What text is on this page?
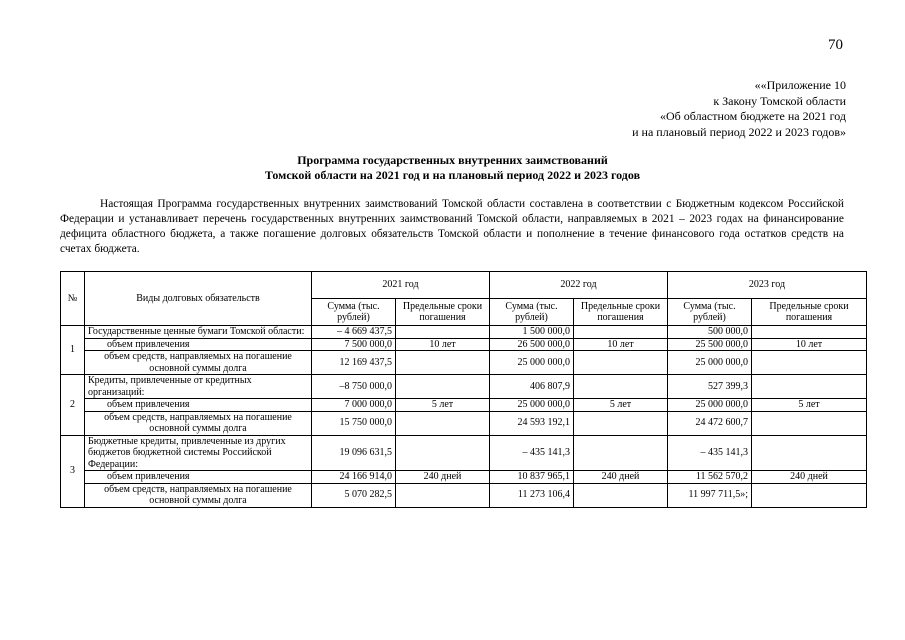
70
««Приложение 10
к Закону Томской области
«Об областном бюджете на 2021 год
и на плановый период 2022 и 2023 годов»
Программа государственных внутренних заимствований
Томской области на 2021 год и на плановый период 2022 и 2023 годов
Настоящая Программа государственных внутренних заимствований Томской области составлена в соответствии с Бюджетным кодексом Российской Федерации и устанавливает перечень государственных внутренних заимствований Томской области, направляемых в 2021 – 2023 годах на финансирование дефицита областного бюджета, а также погашение долговых обязательств Томской области и пополнение в течение финансового года остатков средств на счетах бюджета.
№	Виды долговых обязательств	2021 год		2022 год		2023 год	
		Сумма (тыс. рублей)	Предельные сроки погашения	Сумма (тыс. рублей)	Предельные сроки погашения	Сумма (тыс. рублей)	Предельные сроки погашения
1	Государственные ценные бумаги Томской области:	– 4 669 437,5		1 500 000,0		500 000,0	
	объем привлечения	7 500 000,0	10 лет	26 500 000,0	10 лет	25 500 000,0	10 лет
	объем средств, направляемых на погашение основной суммы долга	12 169 437,5		25 000 000,0		25 000 000,0	
2	Кредиты, привлеченные от кредитных организаций:	–8 750 000,0		406 807,9		527 399,3	
	объем привлечения	7 000 000,0	5 лет	25 000 000,0	5 лет	25 000 000,0	5 лет
	объем средств, направляемых на погашение основной суммы долга	15 750 000,0		24 593 192,1		24 472 600,7	
3	Бюджетные кредиты, привлеченные из других бюджетов бюджетной системы Российской Федерации:	19 096 631,5		– 435 141,3		– 435 141,3	
	объем привлечения	24 166 914,0	240 дней	10 837 965,1	240 дней	11 562 570,2	240 дней
	объем средств, направляемых на погашение основной суммы долга	5 070 282,5		11 273 106,4		11 997 711,5»;	
